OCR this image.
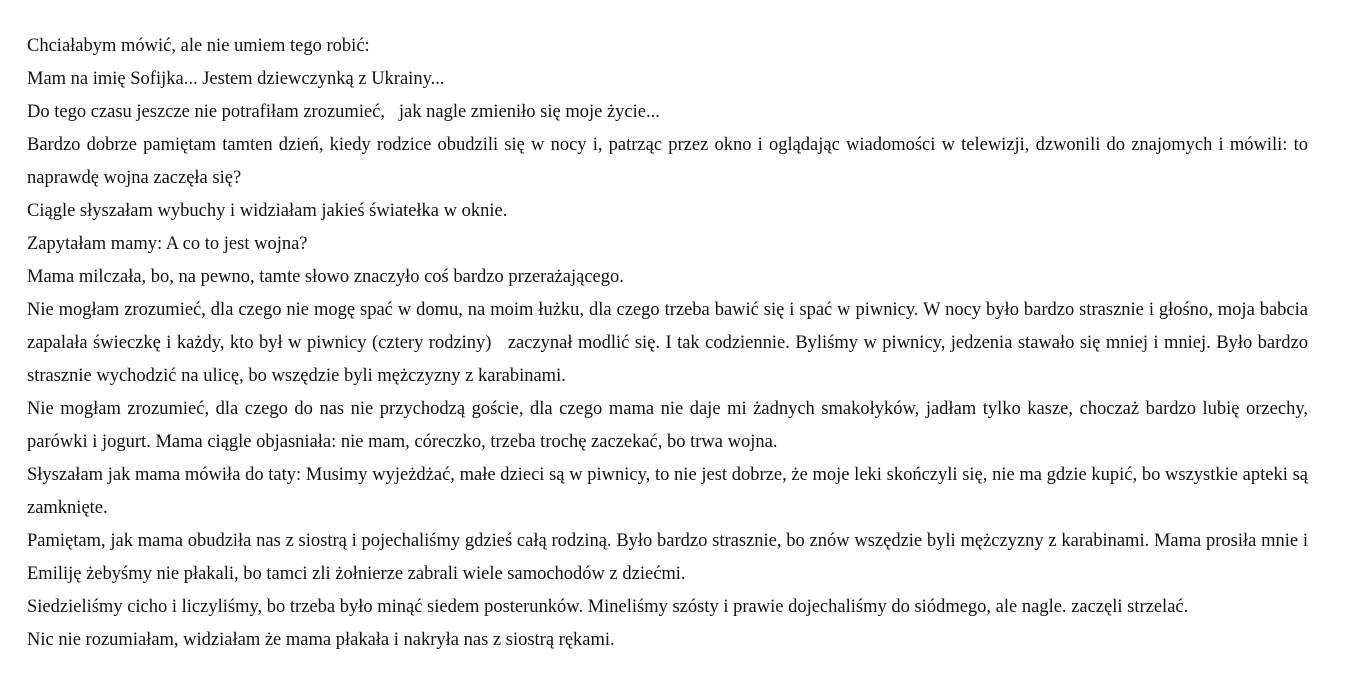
Chciałabym mówić, ale nie umiem tego robić:

Mam na imię Sofijka... Jestem dziewczynką z Ukrainy...

Do tego czasu jeszcze nie potrafiłam zrozumieć,   jak nagle zmieniło się moje życie...

Bardzo dobrze pamiętam tamten dzień, kiedy rodzice obudzili się w nocy i, patrząc przez okno i oglądając wiadomości w telewizji, dzwonili do znajomych i mówili: to naprawdę wojna zaczęła się?

Ciągle słyszałam wybuchy i widziałam jakieś światełka w oknie.

Zapytałam mamy: A co to jest wojna?

Mama milczała, bo, na pewno, tamte słowo znaczyło coś bardzo przerażającego.

Nie mogłam zrozumieć, dla czego nie mogę spać w domu, na moim łużku, dla czego trzeba bawić się i spać w piwnicy. W nocy było bardzo strasznie i głośno, moja babcia zapalała świeczkę i każdy, kto był w piwnicy (cztery rodziny)   zaczynał modlić się. I tak codziennie. Byliśmy w piwnicy, jedzenia stawało się mniej i mniej. Było bardzo strasznie wychodzić na ulicę, bo wszędzie byli mężczyzny z karabinami.

Nie mogłam zrozumieć, dla czego do nas nie przychodzą goście, dla czego mama nie daje mi żadnych smakołyków, jadłam tylko kasze, choczaż bardzo lubię orzechy, parówki i jogurt. Mama ciągle objasniała: nie mam, córeczko, trzeba trochę zaczekać, bo trwa wojna.

Słyszałam jak mama mówiła do taty: Musimy wyjeżdżać, małe dzieci są w piwnicy, to nie jest dobrze, że moje leki skończyli się, nie ma gdzie kupić, bo wszystkie apteki są zamknięte.

Pamiętam, jak mama obudziła nas z siostrą i pojechaliśmy gdzieś całą rodziną. Było bardzo strasznie, bo znów wszędzie byli mężczyzny z karabinami. Mama prosiła mnie i Emiliję żebyśmy nie płakali, bo tamci zli żołnierze zabrali wiele samochodów z dziećmi.

Siedzieliśmy cicho i liczyliśmy, bo trzeba było minąć siedem posterunków. Mineliśmy szósty i prawie dojechaliśmy do siódmego, ale nagle. zaczęli strzelać.

Nic nie rozumiałam, widziałam że mama płakała i nakryła nas z siostrą rękami.
